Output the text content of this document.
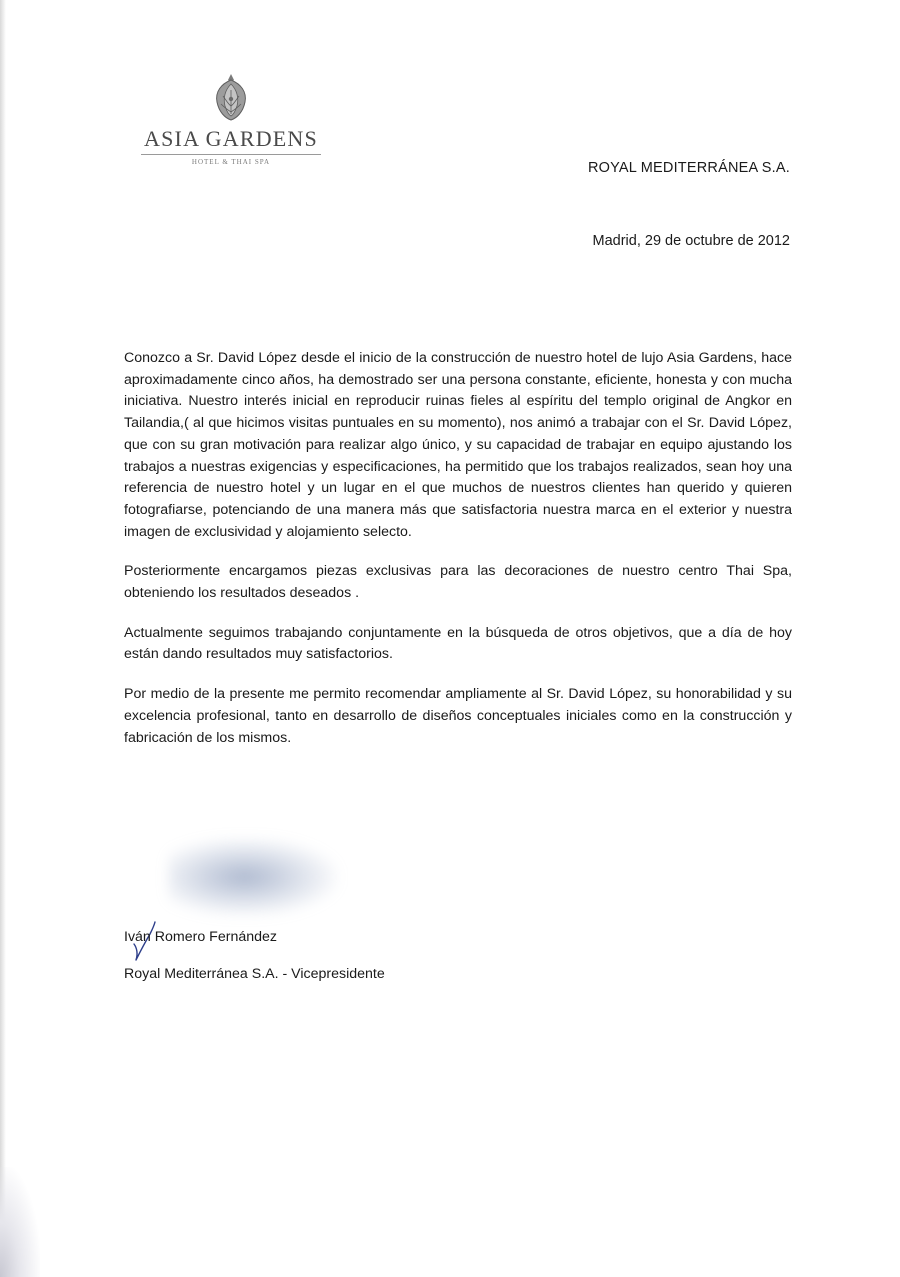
ASIA GARDENS
HOTEL & THAI SPA	ROYAL MEDITERRÁNEA S.A.
Madrid, 29 de octubre de 2012

Conozco a Sr. David López desde el inicio de la construcción de nuestro hotel de lujo Asia Gardens, hace aproximadamente cinco años, ha demostrado ser una persona constante, eficiente, honesta y con mucha iniciativa. Nuestro interés inicial en reproducir ruinas fieles al espíritu del templo original de Angkor en Tailandia,( al que hicimos visitas puntuales en su momento), nos animó a trabajar con el Sr. David López, que con su gran motivación para realizar algo único, y su capacidad de trabajar en equipo ajustando los trabajos a nuestras exigencias y especificaciones, ha permitido que los trabajos realizados, sean hoy una referencia de nuestro hotel y un lugar en el que muchos de nuestros clientes han querido y quieren fotografiarse, potenciando de una manera más que satisfactoria nuestra marca en el exterior y nuestra imagen de exclusividad y alojamiento selecto.

Posteriormente encargamos piezas exclusivas para las decoraciones de nuestro centro Thai Spa, obteniendo los resultados deseados .

Actualmente seguimos trabajando conjuntamente en la búsqueda de otros objetivos, que a día de hoy están dando resultados muy satisfactorios.

Por medio de la presente me permito recomendar ampliamente al Sr. David López, su honorabilidad y su excelencia profesional, tanto en desarrollo de diseños conceptuales iniciales como en la construcción y fabricación de los mismos.

Iván Romero Fernández
Royal Mediterránea S.A. - Vicepresidente
